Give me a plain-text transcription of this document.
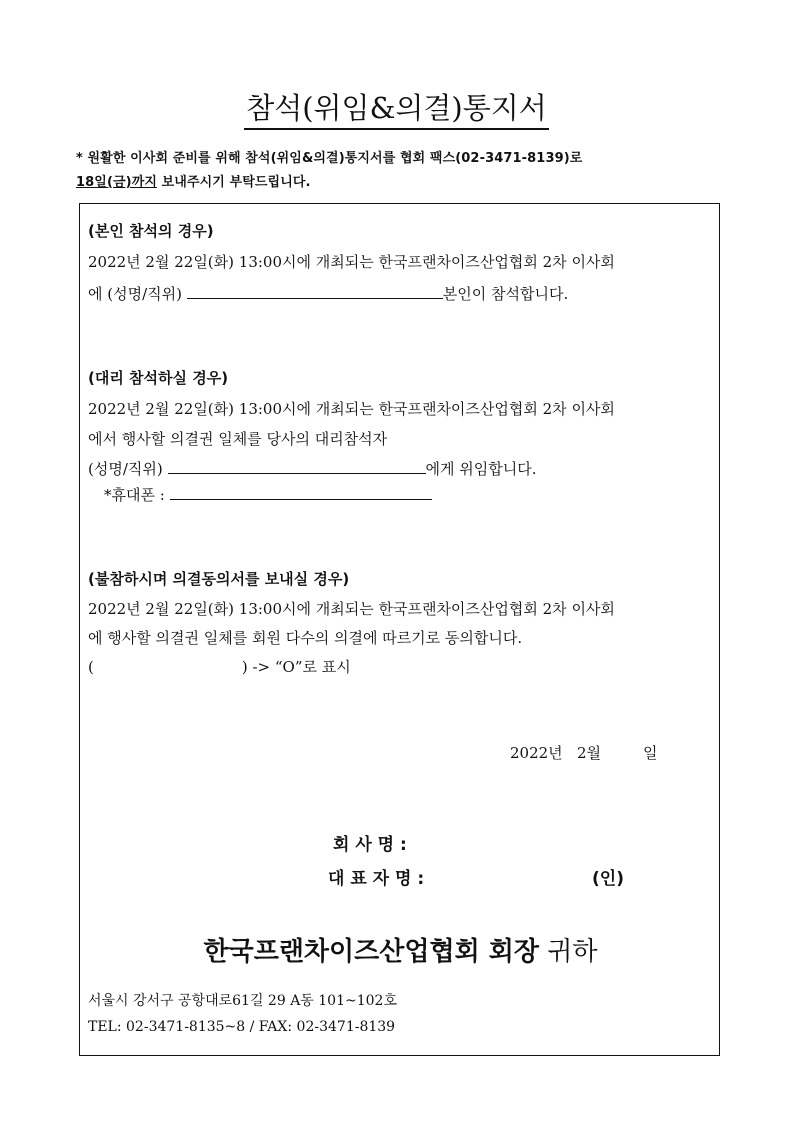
참석(위임&의결)통지서
* 원활한 이사회 준비를 위해 참석(위임&의결)통지서를 협회 팩스(02-3471-8139)로
18일(금)까지 보내주시기 부탁드립니다.
(본인 참석의 경우)
2022년 2월 22일(화) 13:00시에 개최되는 한국프랜차이즈산업협회 2차 이사회
에 (성명/직위)	본인이 참석합니다.
(대리 참석하실 경우)
2022년 2월 22일(화) 13:00시에 개최되는 한국프랜차이즈산업협회 2차 이사회
에서 행사할 의결권 일체를 당사의 대리참석자
(성명/직위)	에게 위임합니다.
*휴대폰 :
(불참하시며 의결동의서를 보내실 경우)
2022년 2월 22일(화) 13:00시에 개최되는 한국프랜차이즈산업협회 2차 이사회
에 행사할 의결권 일체를 회원 다수의 의결에 따르기로 동의합니다.
(	) -> “O”로 표시
2022년 2월	일
회 사 명 :
대 표 자 명 :	(인)
한국프랜차이즈산업협회 회장 귀하
서울시 강서구 공항대로61길 29 A동 101~102호
TEL: 02-3471-8135~8 / FAX: 02-3471-8139
